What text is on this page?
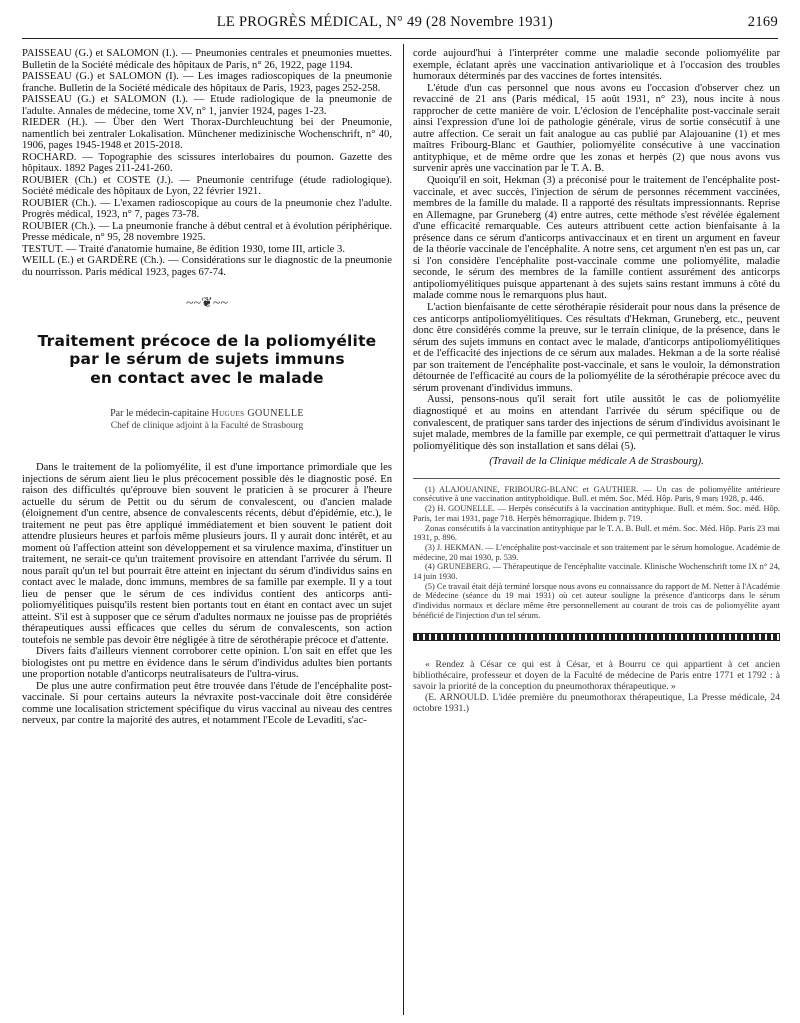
LE PROGRÈS MÉDICAL, N° 49 (28 Novembre 1931)	2169

PAISSEAU (G.) et SALOMON (I.). — Pneumonies centrales et pneumonies muettes. Bulletin de la Société médicale des hôpitaux de Paris, n° 26, 1922, page 1194.

PAISSEAU (G.) et SALOMON (I). — Les images radioscopiques de la pneumonie franche. Bulletin de la Société médicale des hôpitaux de Paris, 1923, pages 252-258.

PAISSEAU (G.) et SALOMON (I.). — Etude radiologique de la pneumonie de l'adulte. Annales de médecine, tome XV, n° 1, janvier 1924, pages 1-23.

RIEDER (H.). — Über den Wert Thorax-Durchleuchtung bei der Pneumonie, namentlich bei zentraler Lokalisation. Münchener medizinische Wochenschrift, n° 40, 1906, pages 1945-1948 et 2015-2018.

ROCHARD. — Topographie des scissures interlobaires du poumon. Gazette des hôpitaux. 1892 Pages 211-241-260.

ROUBIER (Ch.) et COSTE (J.). — Pneumonie centrifuge (étude radiologique). Société médicale des hôpitaux de Lyon, 22 février 1921.

ROUBIER (Ch.). — L'examen radioscopique au cours de la pneumonie chez l'adulte. Progrès médical, 1923, n° 7, pages 73-78.

ROUBIER (Ch.). — La pneumonie franche à début central et à évolution périphérique. Presse médicale, n° 95, 28 novembre 1925.

TESTUT. — Traité d'anatomie humaine, 8e édition 1930, tome III, article 3.

WEILL (E.) et GARDÈRE (Ch.). — Considérations sur le diagnostic de la pneumonie du nourrisson. Paris médical 1923, pages 67-74.

~~❦~~
Traitement précoce de la poliomyélite
par le sérum de sujets immuns
en contact avec le malade

Par le médecin-capitaine Hugues GOUNELLE

Chef de clinique adjoint à la Faculté de Strasbourg

Dans le traitement de la poliomyélite, il est d'une importance primordiale que les injections de sérum aient lieu le plus précocement possible dès le diagnostic posé. En raison des difficultés qu'éprouve bien souvent le praticien à se procurer à l'heure actuelle du sérum de Pettit ou du sérum de convalescent, ou d'ancien malade (éloignement d'un centre, absence de convalescents récents, début d'épidémie, etc.), le traitement ne peut pas être appliqué immédiatement et bien souvent le patient doit attendre plusieurs heures et parfois même plusieurs jours. Il y aurait donc intérêt, et au moment où l'affection atteint son développement et sa virulence maxima, d'instituer un traitement, ne serait-ce qu'un traitement provisoire en attendant l'arrivée du sérum. Il nous paraît qu'un tel but pourrait être atteint en injectant du sérum d'individus sains en contact avec le malade, donc immuns, membres de sa famille par exemple. Il y a tout lieu de penser que le sérum de ces individus contient des anticorps anti-poliomyélitiques puisqu'ils restent bien portants tout en étant en contact avec un sujet atteint. S'il est à supposer que ce sérum d'adultes normaux ne jouisse pas de propriétés thérapeutiques aussi efficaces que celles du sérum de convalescents, son action toutefois ne semble pas devoir être négligée à titre de sérothérapie précoce et d'attente.

Divers faits d'ailleurs viennent corroborer cette opinion. L'on sait en effet que les biologistes ont pu mettre en évidence dans le sérum d'individus adultes bien portants une proportion notable d'anticorps neutralisateurs de l'ultra-virus.

De plus une autre confirmation peut être trouvée dans l'étude de l'encéphalite post-vaccinale. Si pour certains auteurs la névraxite post-vaccinale doit être considérée comme une localisation strictement spécifique du virus vaccinal au niveau des centres nerveux, par contre la majorité des autres, et notamment l'Ecole de Levaditi, s'ac-

corde aujourd'hui à l'interpréter comme une maladie seconde poliomyélite par exemple, éclatant après une vaccination antivariolique et à l'occasion des troubles humoraux déterminés par des vaccines de fortes intensités.

L'étude d'un cas personnel que nous avons eu l'occasion d'observer chez un revacciné de 21 ans (Paris médical, 15 août 1931, n° 23), nous incite à nous rapprocher de cette manière de voir. L'éclosion de l'encéphalite post-vaccinale serait ainsi l'expression d'une loi de pathologie générale, virus de sortie consécutif à une autre affection. Ce serait un fait analogue au cas publié par Alajouanine (1) et mes maîtres Fribourg-Blanc et Gauthier, poliomyélite consécutive à une vaccination antityphique, et de même ordre que les zonas et herpès (2) que nous avons vus survenir après une vaccination par le T. A. B.

Quoiqu'il en soit, Hekman (3) a préconisé pour le traitement de l'encéphalite post-vaccinale, et avec succès, l'injection de sérum de personnes récemment vaccinées, membres de la famille du malade. Il a rapporté des résultats impressionnants. Reprise en Allemagne, par Gruneberg (4) entre autres, cette méthode s'est révélée également d'une efficacité remarquable. Ces auteurs attribuent cette action bienfaisante à la présence dans ce sérum d'anticorps antivaccinaux et en tirent un argument en faveur de la théorie vaccinale de l'encéphalite. A notre sens, cet argument n'en est pas un, car si l'on considère l'encéphalite post-vaccinale comme une poliomyélite, maladie seconde, le sérum des membres de la famille contient assurément des anticorps antipoliomyélitiques puisque appartenant à des sujets sains restant immuns à côté du malade comme nous le remarquons plus haut.

L'action bienfaisante de cette sérothérapie résiderait pour nous dans la présence de ces anticorps antipoliomyélitiques. Ces résultats d'Hekman, Gruneberg, etc., peuvent donc être considérés comme la preuve, sur le terrain clinique, de la présence, dans le sérum des sujets immuns en contact avec le malade, d'anticorps antipoliomyélitiques et de l'efficacité des injections de ce sérum aux malades. Hekman a de la sorte réalisé par son traitement de l'encéphalite post-vaccinale, et sans le vouloir, la démonstration détournée de l'efficacité au cours de la poliomyélite de la sérothérapie précoce avec du sérum provenant d'individus immuns.

Aussi, pensons-nous qu'il serait fort utile aussitôt le cas de poliomyélite diagnostiqué et au moins en attendant l'arrivée du sérum spécifique ou de convalescent, de pratiquer sans tarder des injections de sérum d'individus avoisinant le sujet malade, membres de la famille par exemple, ce qui permettrait d'attaquer le virus poliomyélitique dès son installation et sans délai (5).

(Travail de la Clinique médicale A de Strasbourg).

(1) ALAJOUANINE, FRIBOURG-BLANC et GAUTHIER. — Un cas de poliomyélite antérieure consécutive à une vaccination antityphoïdique. Bull. et mém. Soc. Méd. Hôp. Paris, 9 mars 1928, p. 446.

(2) H. GOUNELLE. — Herpès consécutifs à la vaccination antityphique. Bull. et mém. Soc. méd. Hôp. Paris, 1er mai 1931, page 718. Herpès hémorragique. Ibidem p. 719.

Zonas consécutifs à la vaccination antityphique par le T. A. B. Bull. et mém. Soc. Méd. Hôp. Paris 23 mai 1931, p. 896.

(3) J. HEKMAN. — L'encéphalite post-vaccinale et son traitement par le sérum homologue. Académie de médecine, 20 mai 1930, p. 539.

(4) GRUNEBERG. — Thérapeutique de l'encéphalite vaccinale. Klinische Wochenschrift tome IX n° 24, 14 juin 1930.

(5) Ce travail était déjà terminé lorsque nous avons eu connaissance du rapport de M. Netter à l'Académie de Médecine (séance du 19 mai 1931) où cet auteur souligne la présence d'anticorps dans le sérum d'individus normaux et déclare même être personnellement au courant de trois cas de poliomyélite ayant bénéficié de l'injection d'un tel sérum.

« Rendez à César ce qui est à César, et à Bourru ce qui appartient à cet ancien bibliothécaire, professeur et doyen de la Faculté de médecine de Paris entre 1771 et 1792 : à savoir la priorité de la conception du pneumothorax thérapeutique. »

(E. ARNOULD. L'idée première du pneumothorax thérapeutique, La Presse médicale, 24 octobre 1931.)
